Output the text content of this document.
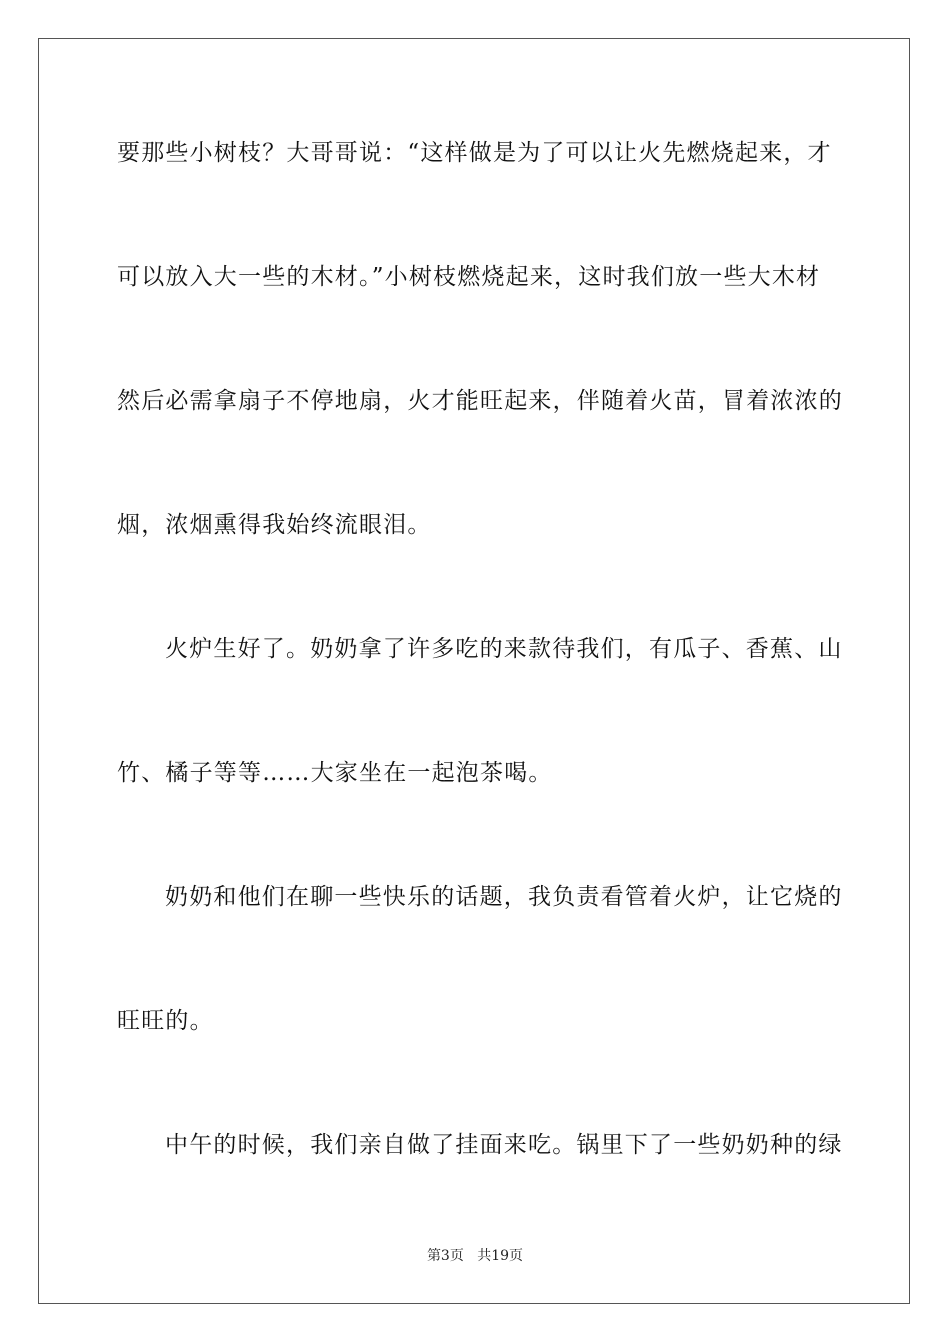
要那些小树枝？大哥哥说：“这样做是为了可以让火先燃烧起来，才
可以放入大一些的木材。”小树枝燃烧起来，这时我们放一些大木材
然后必需拿扇子不停地扇，火才能旺起来，伴随着火苗，冒着浓浓的
烟，浓烟熏得我始终流眼泪。
火炉生好了。奶奶拿了许多吃的来款待我们，有瓜子、香蕉、山
竹、橘子等等……大家坐在一起泡茶喝。
奶奶和他们在聊一些快乐的话题，我负责看管着火炉，让它烧的
旺旺的。
中午的时候，我们亲自做了挂面来吃。锅里下了一些奶奶种的绿
第3页 共19页
